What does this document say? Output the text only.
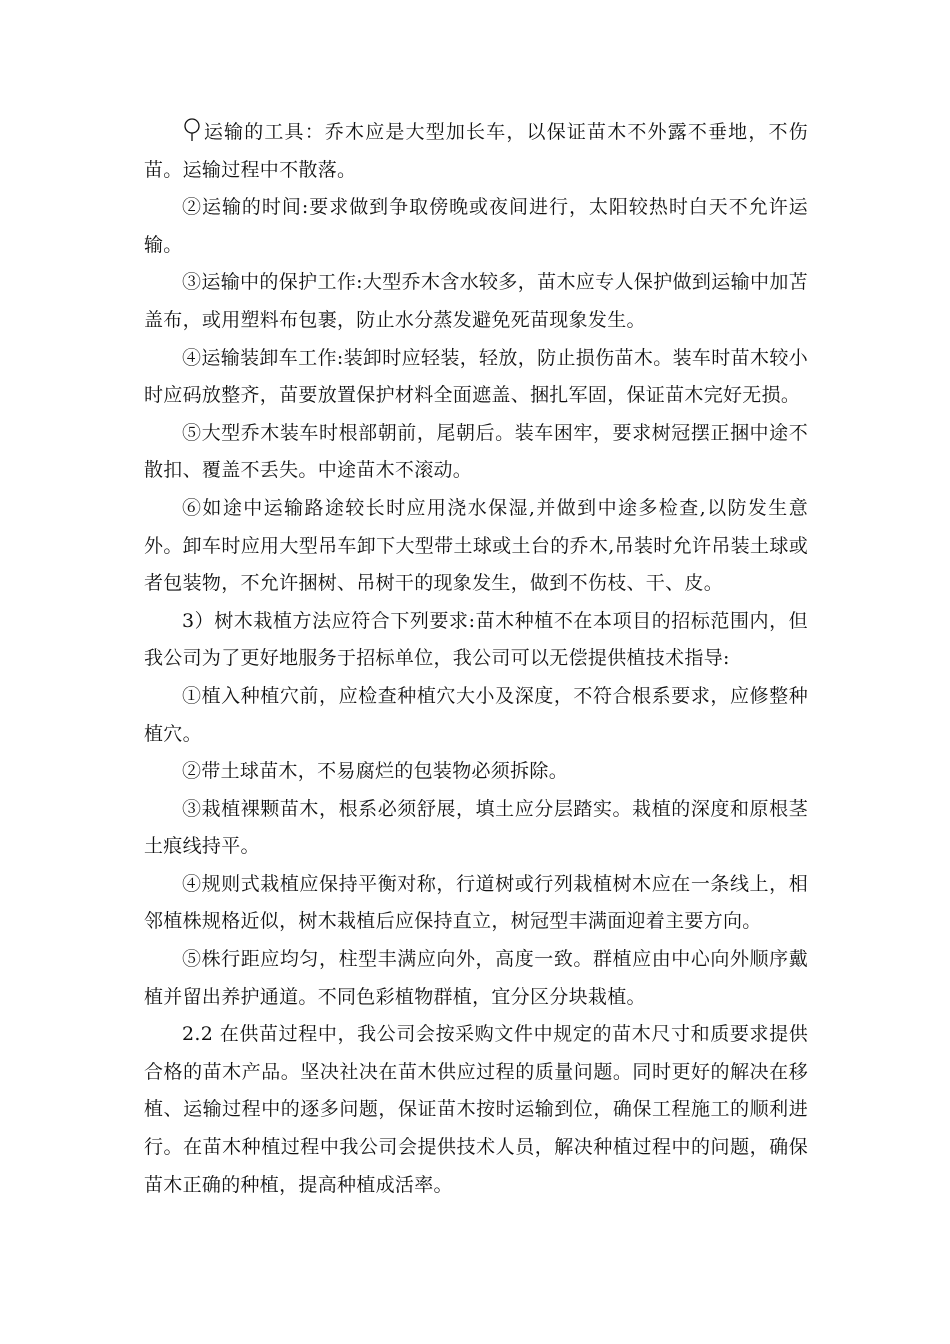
运输的工具：乔木应是大型加长车，以保证苗木不外露不垂地，不伤苗。运输过程中不散落。

②运输的时间:要求做到争取傍晚或夜间进行，太阳较热时白天不允许运输。

③运输中的保护工作:大型乔木含水较多，苗木应专人保护做到运输中加苫盖布，或用塑料布包裹，防止水分蒸发避免死苗现象发生。

④运输装卸车工作:装卸时应轻装，轻放，防止损伤苗木。装车时苗木较小时应码放整齐，苗要放置保护材料全面遮盖、捆扎军固，保证苗木完好无损。

⑤大型乔木装车时根部朝前，尾朝后。装车困牢，要求树冠摆正捆中途不散扣、覆盖不丢失。中途苗木不滚动。

⑥如途中运输路途较长时应用浇水保湿,并做到中途多检查,以防发生意外。卸车时应用大型吊车卸下大型带土球或土台的乔木,吊装时允许吊装土球或者包装物，不允许捆树、吊树干的现象发生，做到不伤枝、干、皮。

3）树木栽植方法应符合下列要求:苗木种植不在本项目的招标范围内，但我公司为了更好地服务于招标单位，我公司可以无偿提供植技术指导:

①植入种植穴前，应检查种植穴大小及深度，不符合根系要求，应修整种植穴。

②带土球苗木，不易腐烂的包装物必须拆除。

③栽植裸颗苗木，根系必须舒展，填土应分层踏实。栽植的深度和原根茎土痕线持平。

④规则式栽植应保持平衡对称，行道树或行列栽植树木应在一条线上，相邻植株规格近似，树木栽植后应保持直立，树冠型丰满面迎着主要方向。

⑤株行距应均匀，柱型丰满应向外，高度一致。群植应由中心向外顺序戴植并留出养护通道。不同色彩植物群植，宜分区分块栽植。

2.2 在供苗过程中，我公司会按采购文件中规定的苗木尺寸和质要求提供合格的苗木产品。坚决社决在苗木供应过程的质量问题。同时更好的解决在移植、运输过程中的逐多问题，保证苗木按时运输到位，确保工程施工的顺利进行。在苗木种植过程中我公司会提供技术人员，解决种植过程中的问题，确保苗木正确的种植，提高种植成活率。
